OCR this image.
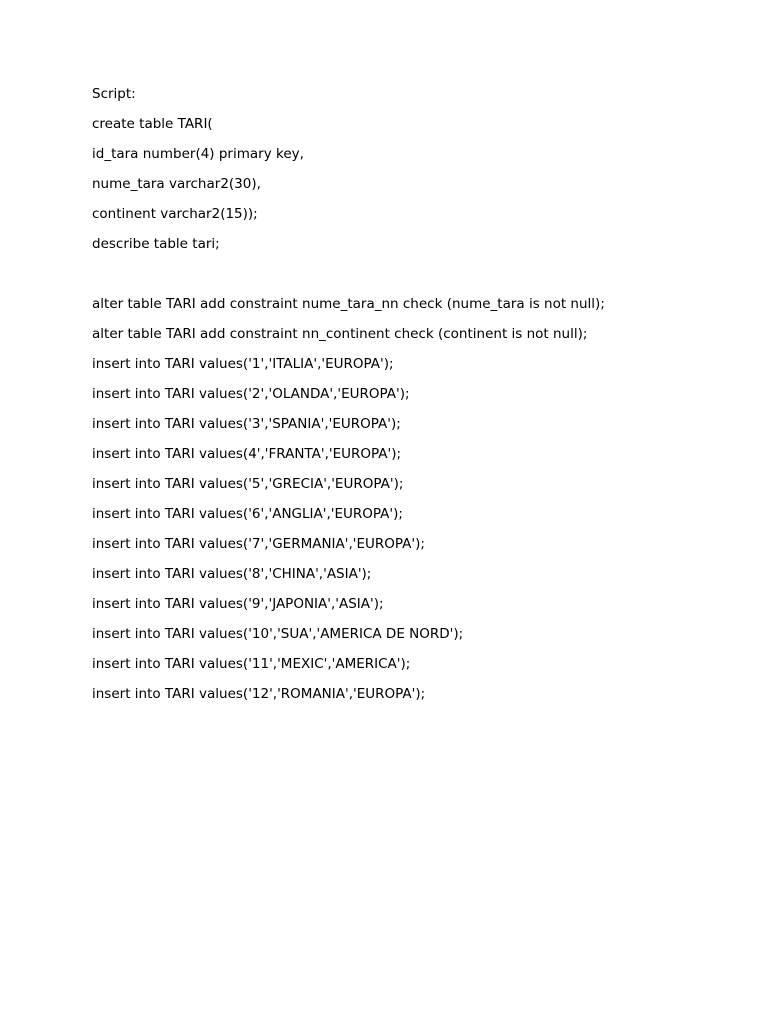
Script:
create table TARI(
id_tara number(4) primary key,
nume_tara varchar2(30),
continent varchar2(15));
describe table tari;
alter table TARI add constraint nume_tara_nn check (nume_tara is not null);
alter table TARI add constraint nn_continent check (continent is not null);
insert into TARI values('1','ITALIA','EUROPA');
insert into TARI values('2','OLANDA','EUROPA');
insert into TARI values('3','SPANIA','EUROPA');
insert into TARI values(4','FRANTA','EUROPA');
insert into TARI values('5','GRECIA','EUROPA');
insert into TARI values('6','ANGLIA','EUROPA');
insert into TARI values('7','GERMANIA','EUROPA');
insert into TARI values('8','CHINA','ASIA');
insert into TARI values('9','JAPONIA','ASIA');
insert into TARI values('10','SUA','AMERICA DE NORD');
insert into TARI values('11','MEXIC','AMERICA');
insert into TARI values('12','ROMANIA','EUROPA');
